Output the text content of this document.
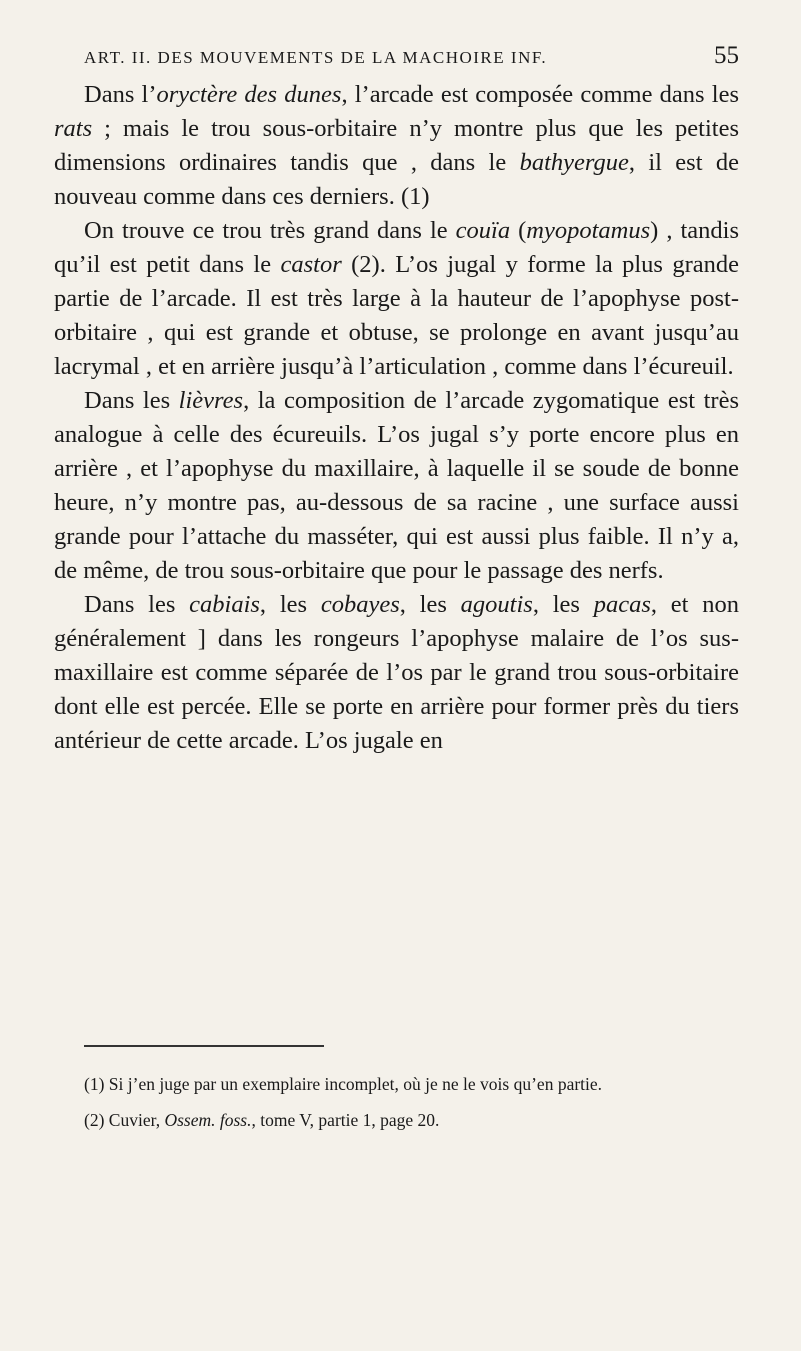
ART. II. DES MOUVEMENTS DE LA MACHOIRE INF.	55

Dans l’oryctère des dunes, l’arcade est composée comme dans les rats ; mais le trou sous-orbitaire n’y montre plus que les petites dimensions ordinaires tandis que , dans le bathyergue, il est de nouveau comme dans ces derniers. (1)

On trouve ce trou très grand dans le couïa (myopotamus) , tandis qu’il est petit dans le castor (2). L’os jugal y forme la plus grande partie de l’arcade. Il est très large à la hauteur de l’apophyse post-orbitaire , qui est grande et obtuse, se prolonge en avant jusqu’au lacrymal , et en arrière jusqu’à l’articulation , comme dans l’écureuil.

Dans les lièvres, la composition de l’arcade zygomatique est très analogue à celle des écureuils. L’os jugal s’y porte encore plus en arrière , et l’apophyse du maxillaire, à laquelle il se soude de bonne heure, n’y montre pas, au-dessous de sa racine , une surface aussi grande pour l’attache du masséter, qui est aussi plus faible. Il n’y a, de même, de trou sous-orbitaire que pour le passage des nerfs.

Dans les cabiais, les cobayes, les agoutis, les pacas, et non généralement ] dans les rongeurs l’apophyse malaire de l’os sus-maxillaire est comme séparée de l’os par le grand trou sous-orbitaire dont elle est percée. Elle se porte en arrière pour former près du tiers antérieur de cette arcade. L’os jugale en

(1) Si j’en juge par un exemplaire incomplet, où je ne le vois qu’en partie.

(2) Cuvier, Ossem. foss., tome V, partie 1, page 20.
